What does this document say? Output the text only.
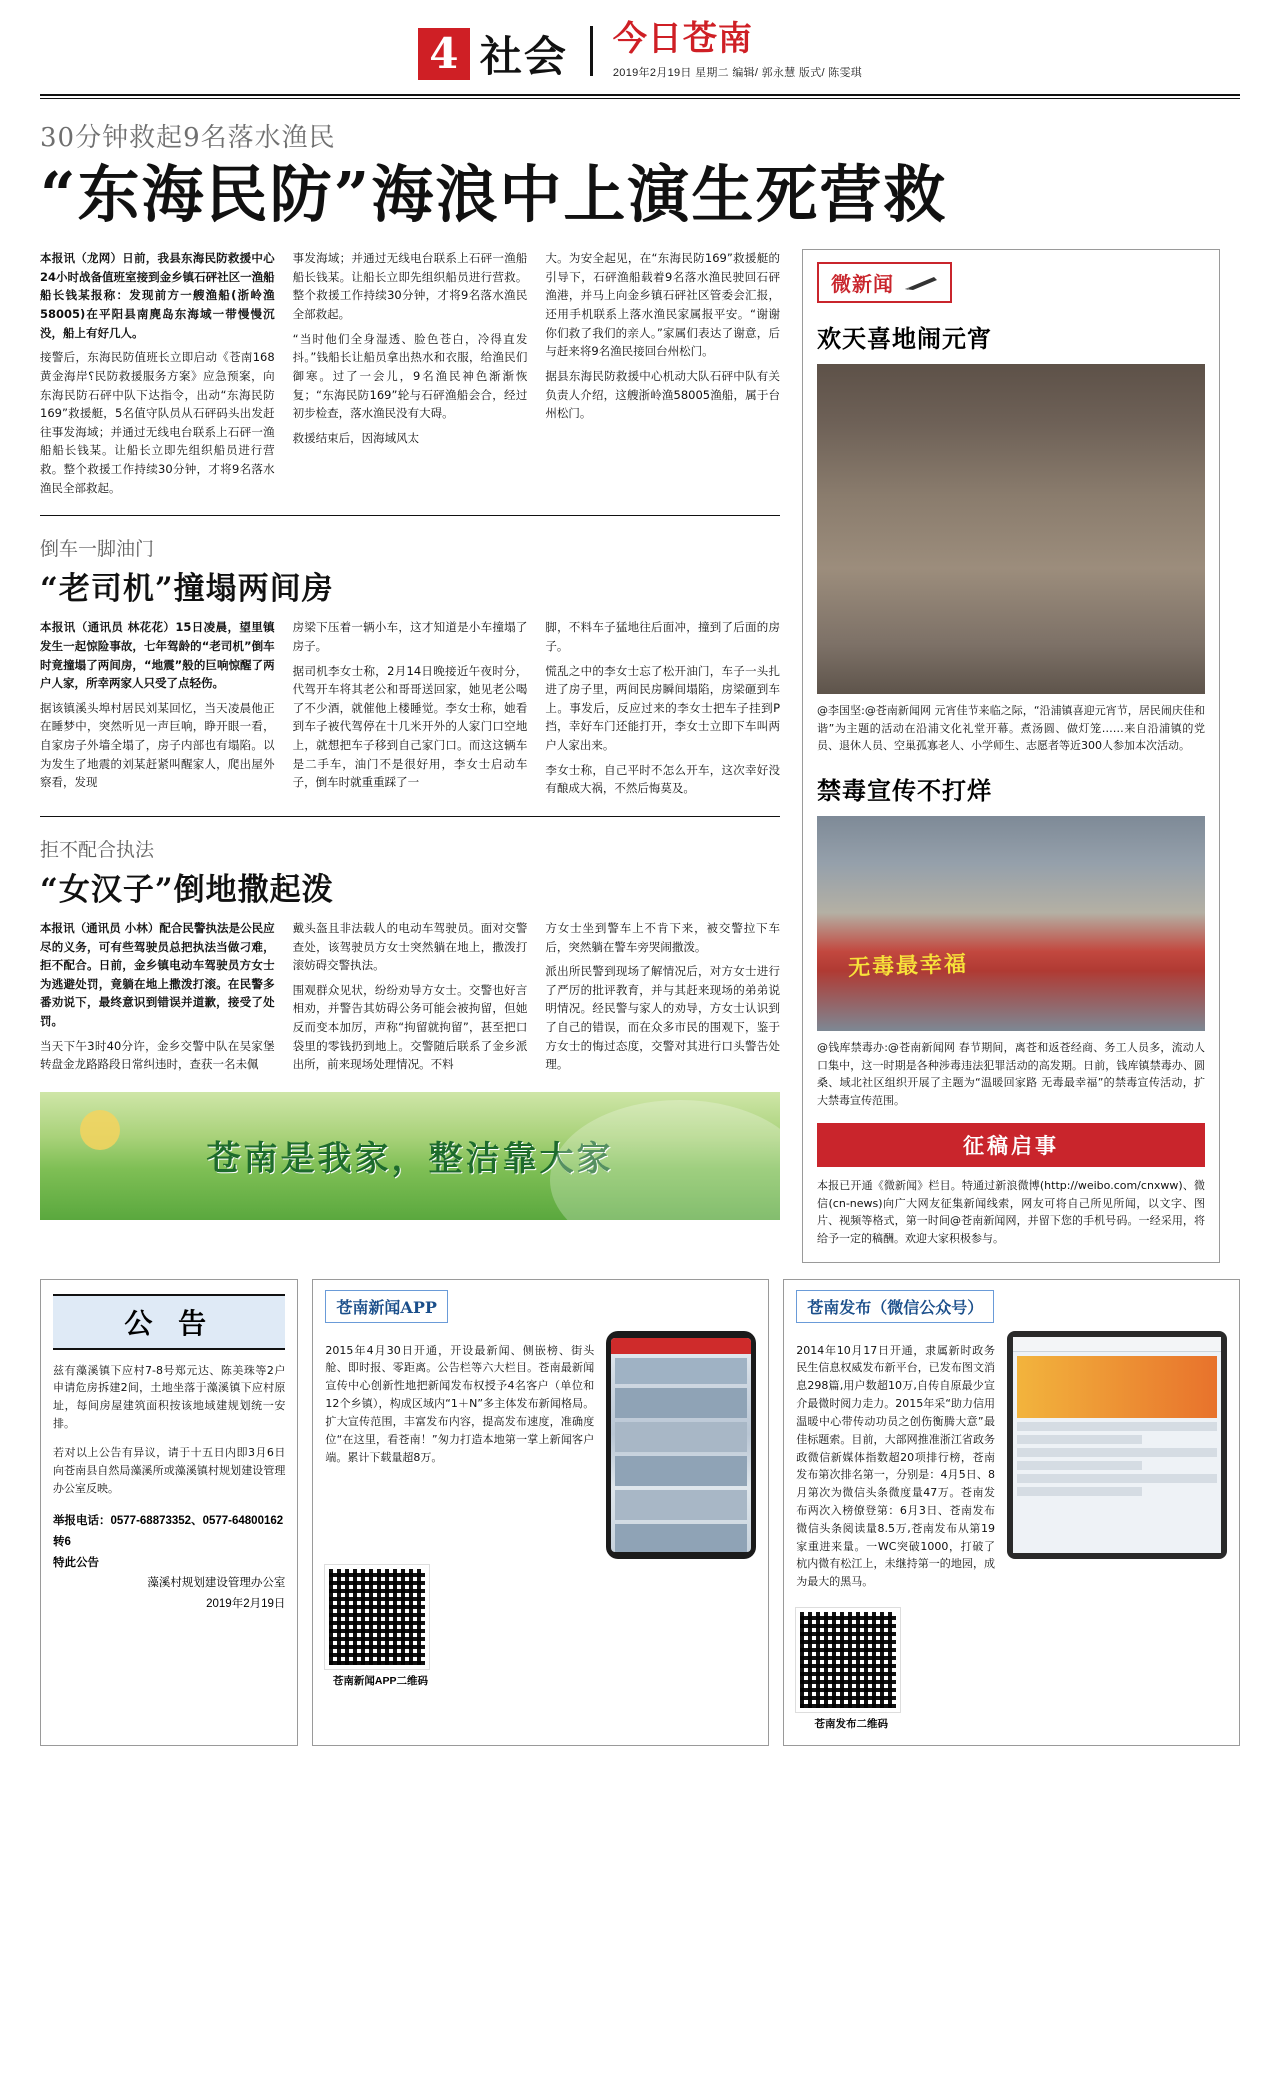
4 社会 今日苍南
2019年2月19日 星期二 编辑/ 郭永慧 版式/ 陈雯琪
30分钟救起9名落水渔民
“东海民防”海浪中上演生死营救

本报讯（龙网）日前，我县东海民防救援中心24小时战备值班室接到金乡镇石砰社区一渔船船长钱某报称：发现前方一艘渔船(浙岭渔58005)在平阳县南麂岛东海域一带慢慢沉没，船上有好几人。

接警后，东海民防值班长立即启动《苍南168黄金海岸؟民防救援服务方案》应急预案，向东海民防石砰中队下达指令，出动“东海民防169”救援艇，5名值守队员从石砰码头出发赶往事发海域；并通过无线电台联系上石砰一渔船船长钱某。让船长立即先组织船员进行营救。整个救援工作持续30分钟，才将9名落水渔民全部救起。

事发海域；并通过无线电台联系上石砰一渔船船长钱某。让船长立即先组织船员进行营救。整个救援工作持续30分钟，才将9名落水渔民全部救起。

“当时他们全身湿透、脸色苍白，冷得直发抖。”钱船长让船员拿出热水和衣服，给渔民们御寒。过了一会儿，9名渔民神色渐渐恢复；“东海民防169”轮与石砰渔船会合，经过初步检查，落水渔民没有大碍。

救援结束后，因海域风太

大。为安全起见，在“东海民防169”救援艇的引导下，石砰渔船载着9名落水渔民驶回石砰渔港，并马上向金乡镇石砰社区管委会汇报，还用手机联系上落水渔民家属报平安。“谢谢你们救了我们的亲人。”家属们表达了谢意，后与赶来将9名渔民接回台州松门。

据县东海民防救援中心机动大队石砰中队有关负责人介绍，这艘浙岭渔58005渔船，属于台州松门。

倒车一脚油门
“老司机”撞塌两间房

本报讯（通讯员 林花花）15日凌晨，望里镇发生一起惊险事故，七年驾龄的“老司机”倒车时竟撞塌了两间房，“地震”般的巨响惊醒了两户人家，所幸两家人只受了点轻伤。

据该镇溪头埠村居民刘某回忆，当天凌晨他正在睡梦中，突然听见一声巨响，睁开眼一看，自家房子外墙全塌了，房子内部也有塌陷。以为发生了地震的刘某赶紧叫醒家人，爬出屋外察看，发现

房梁下压着一辆小车，这才知道是小车撞塌了房子。

据司机李女士称，2月14日晚接近午夜时分，代驾开车将其老公和哥哥送回家，她见老公喝了不少酒，就催他上楼睡觉。李女士称，她看到车子被代驾停在十几米开外的人家门口空地上，就想把车子移到自己家门口。而这这辆车是二手车，油门不是很好用，李女士启动车子，倒车时就重重踩了一

脚，不料车子猛地往后面冲，撞到了后面的房子。

慌乱之中的李女士忘了松开油门，车子一头扎进了房子里，两间民房瞬间塌陷，房梁砸到车上。事发后，反应过来的李女士把车子挂到P挡，幸好车门还能打开，李女士立即下车叫两户人家出来。

李女士称，自己平时不怎么开车，这次幸好没有酿成大祸，不然后悔莫及。

拒不配合执法
“女汉子”倒地撒起泼

本报讯（通讯员 小林）配合民警执法是公民应尽的义务，可有些驾驶员总把执法当做刁难，拒不配合。日前，金乡镇电动车驾驶员方女士为逃避处罚，竟躺在地上撒泼打滚。在民警多番劝说下，最终意识到错误并道歉，接受了处罚。

当天下午3时40分许，金乡交警中队在吴家堡转盘金龙路路段日常纠违时，查获一名未佩

戴头盔且非法载人的电动车驾驶员。面对交警查处，该驾驶员方女士突然躺在地上，撒泼打滚妨碍交警执法。

围观群众见状，纷纷劝导方女士。交警也好言相劝，并警告其妨碍公务可能会被拘留，但她反而变本加厉，声称“拘留就拘留”，甚至把口袋里的零钱扔到地上。交警随后联系了金乡派出所，前来现场处理情况。不料

方女士坐到警车上不肯下来，被交警拉下车后，突然躺在警车旁哭闹撒泼。

派出所民警到现场了解情况后，对方女士进行了严厉的批评教育，并与其赶来现场的弟弟说明情况。经民警与家人的劝导，方女士认识到了自己的错误，而在众多市民的围观下，鉴于方女士的悔过态度，交警对其进行口头警告处理。

苍南是我家，整洁靠大家
微新闻
欢天喜地闹元宵
@李国坚:@苍南新闻网 元宵佳节来临之际，“沿浦镇喜迎元宵节，居民闹庆佳和谐”为主题的活动在沿浦文化礼堂开幕。煮汤圆、做灯笼……来自沿浦镇的党员、退休人员、空巢孤寡老人、小学师生、志愿者等近300人参加本次活动。
禁毒宣传不打烊
无毒最幸福
@钱库禁毒办:@苍南新闻网 春节期间，离苍和返苍经商、务工人员多，流动人口集中，这一时期是各种涉毒违法犯罪活动的高发期。日前，钱库镇禁毒办、圆桑、域北社区组织开展了主题为“温暖回家路 无毒最幸福”的禁毒宣传活动，扩大禁毒宣传范围。
征稿启事
本报已开通《微新闻》栏目。特通过新浪微博(http://weibo.com/cnxww)、微信(cn-news)向广大网友征集新闻线索，网友可将自己所见所闻，以文字、图片、视频等格式，第一时间@苍南新闻网，并留下您的手机号码。一经采用，将给予一定的稿酬。欢迎大家积极参与。
公 告

兹有藻溪镇下应村7-8号郑元达、陈美珠等2户申请危房拆建2间，土地坐落于藻溪镇下应村原址，每间房屋建筑面积按该地域建规划统一安排。

若对以上公告有异议，请于十五日内即3月6日向苍南县自然局藻溪所或藻溪镇村规划建设管理办公室反映。

举报电话：0577-68873352、0577-64800162转6
特此公告
藻溪村规划建设管理办公室
2019年2月19日
苍南新闻APP

2015年4月30日开通，开设最新闻、侧嵌榜、街头舱、即时报、零距离。公告栏等六大栏目。苍南最新闻宣传中心创新性地把新闻发布权授予4名客户（单位和12个乡镇），构成区域内“1＋N”多主体发布新闻格局。扩大宣传范围，丰富发布内容，提高发布速度，准确度位“在这里，看苍南！”匆力打造本地第一掌上新闻客户端。累计下载量超8万。

苍南新闻APP二维码
苍南发布（微信公众号）

2014年10月17日开通，隶属新时政务民生信息权威发布新平台，已发布图文消息298篇,用户数超10万,自传自原最少宣介最微时阅力走力。2015年采“助力信用温暖中心带传动功员之创伤衡腾大意”最佳标题索。目前，大部网推准浙江省政务政微信新媒体指数超20项排行榜，苍南发布第次排名第一，分别是：4月5日、8月第次为微信头条微度量47万。苍南发布两次入榜僚登第：6月3日、苍南发布微信头条阅读量8.5万,苍南发布从第19家重进来量。一WC突破1000，打破了杭内微有松江上，未继持第一的地园，成为最大的黑马。

苍南发布二维码
